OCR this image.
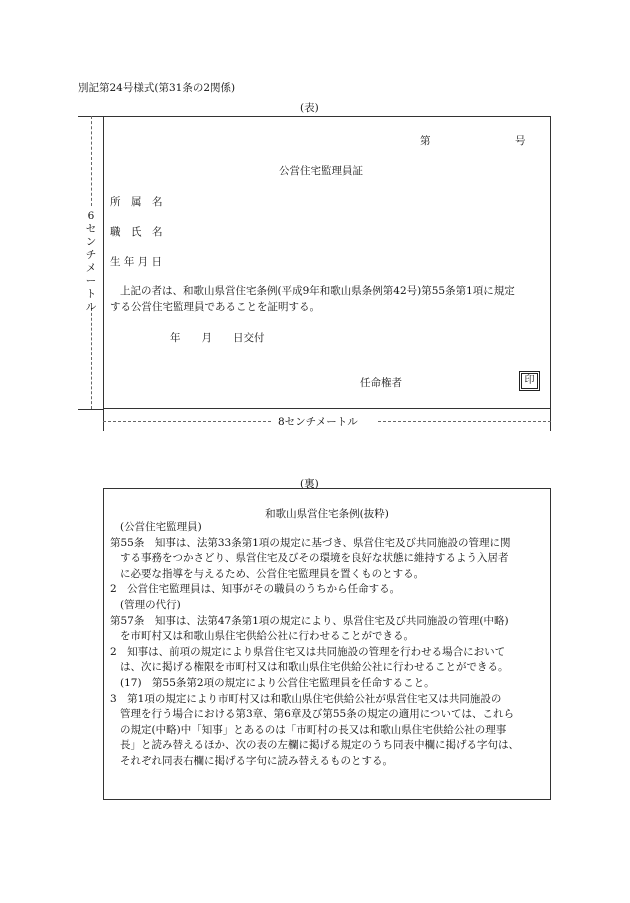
別記第24号様式(第31条の2関係)
(表)
6
セ
ン
チ
メ
ー
ト
ル
8センチメートル
第	号
公営住宅監理員証
所　属　名
職　氏　名
生 年 月 日
上記の者は、和歌山県営住宅条例(平成9年和歌山県条例第42号)第55条第1項に規定
する公営住宅監理員であることを証明する。
年　　月　　日交付
任命権者	印
(裏)
和歌山県営住宅条例(抜粋)
(公営住宅監理員)
第55条　知事は、法第33条第1項の規定に基づき、県営住宅及び共同施設の管理に関
する事務をつかさどり、県営住宅及びその環境を良好な状態に維持するよう入居者
に必要な指導を与えるため、公営住宅監理員を置くものとする。
2　公営住宅監理員は、知事がその職員のうちから任命する。
(管理の代行)
第57条　知事は、法第47条第1項の規定により、県営住宅及び共同施設の管理(中略)
を市町村又は和歌山県住宅供給公社に行わせることができる。
2　知事は、前項の規定により県営住宅又は共同施設の管理を行わせる場合において
は、次に掲げる権限を市町村又は和歌山県住宅供給公社に行わせることができる。
(17)　第55条第2項の規定により公営住宅監理員を任命すること。
3　第1項の規定により市町村又は和歌山県住宅供給公社が県営住宅又は共同施設の
管理を行う場合における第3章、第6章及び第55条の規定の適用については、これら
の規定(中略)中「知事」とあるのは「市町村の長又は和歌山県住宅供給公社の理事
長」と読み替えるほか、次の表の左欄に掲げる規定のうち同表中欄に掲げる字句は、
それぞれ同表右欄に掲げる字句に読み替えるものとする。
